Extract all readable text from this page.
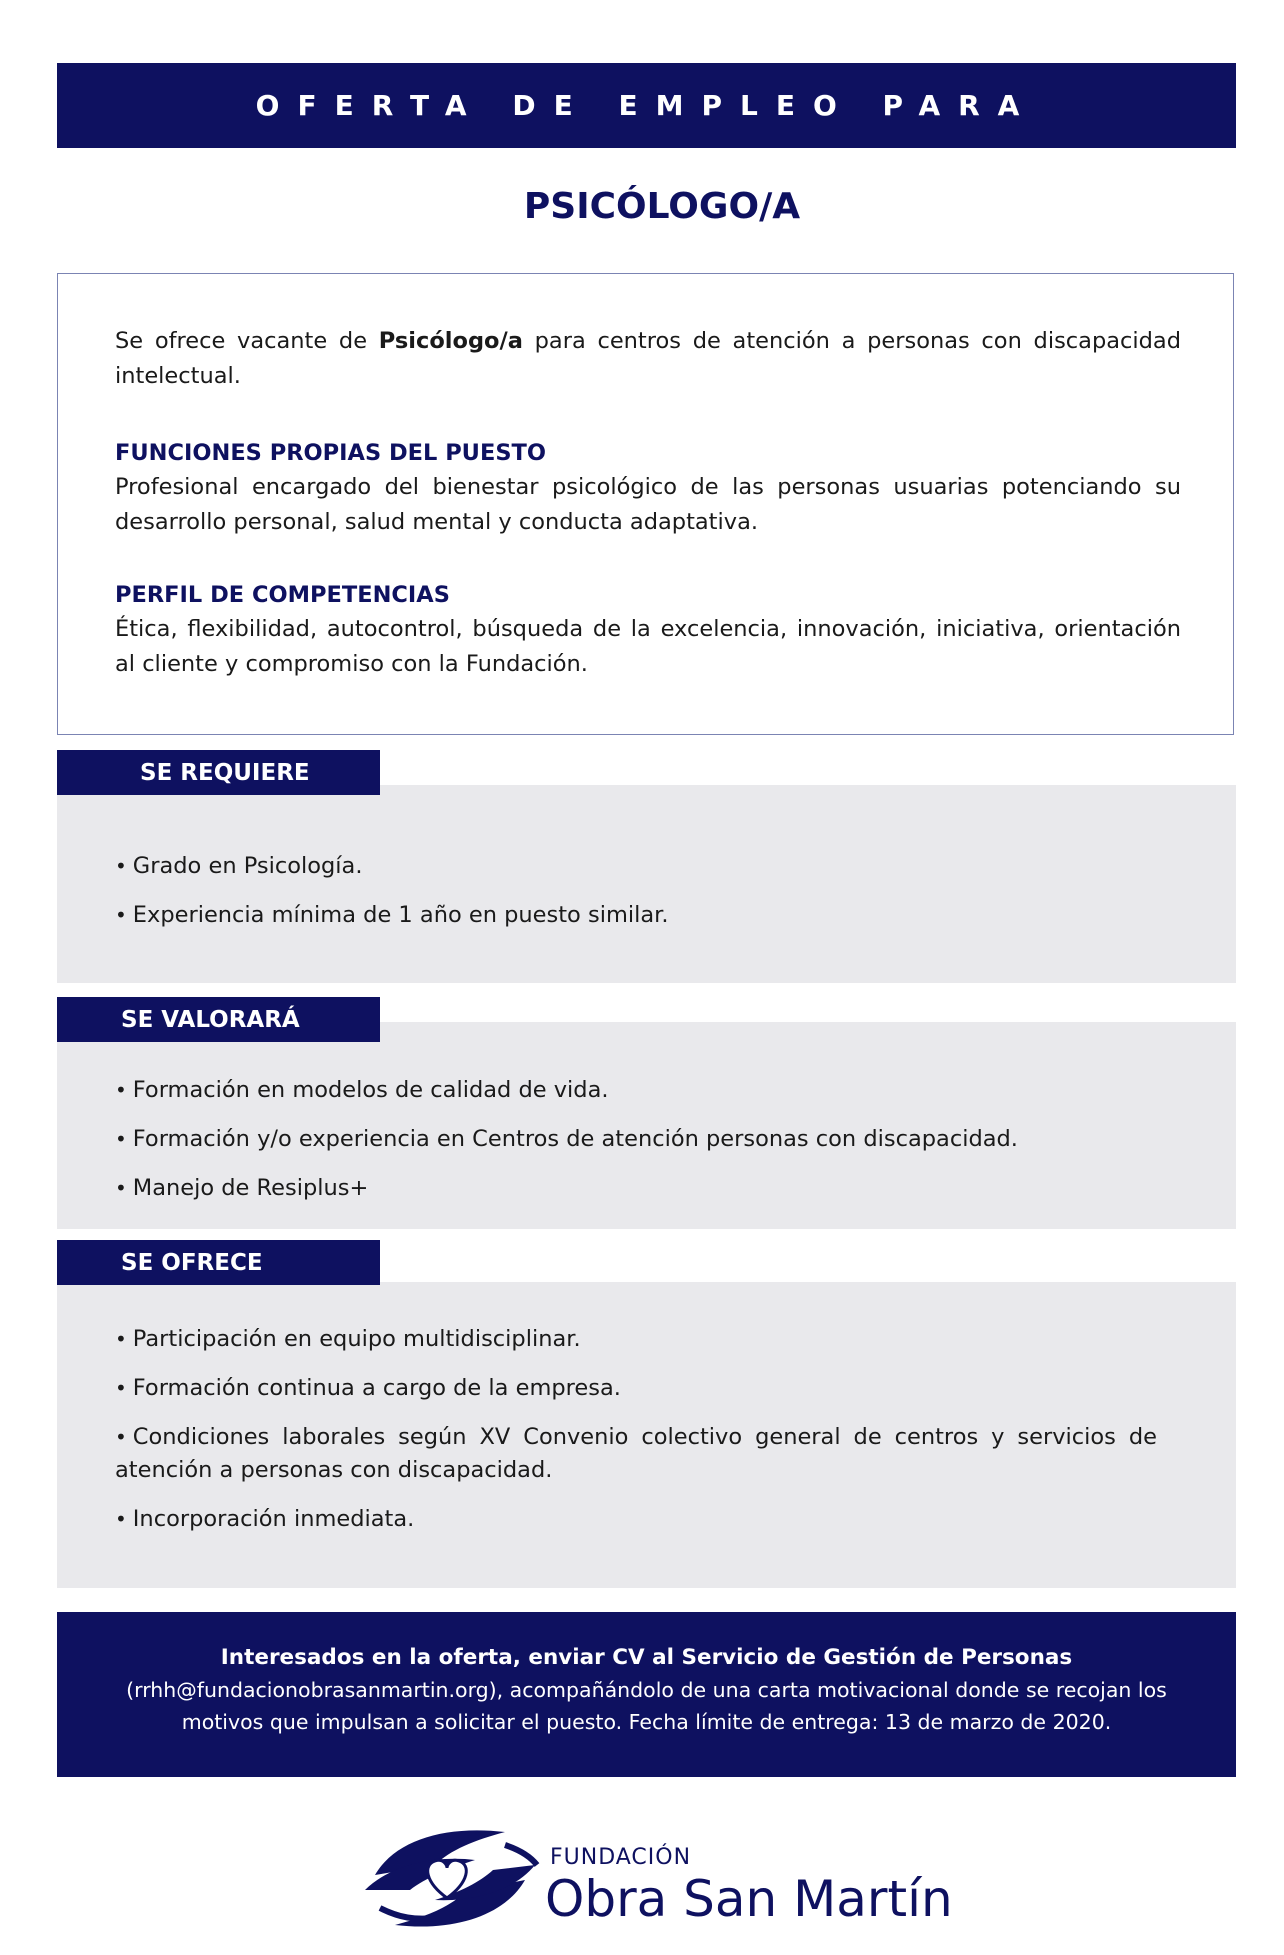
OFERTA DE EMPLEO PARA
PSICÓLOGO/A
Se ofrece vacante de Psicólogo/a para centros de atención a personas con discapacidad intelectual.
FUNCIONES PROPIAS DEL PUESTO
Profesional encargado del bienestar psicológico de las personas usuarias potenciando su desarrollo personal, salud mental y conducta adaptativa.
PERFIL DE COMPETENCIAS
Ética, flexibilidad, autocontrol, búsqueda de la excelencia, innovación, iniciativa, orientación al cliente y compromiso con la Fundación.
SE REQUIERE
• Grado en Psicología.
• Experiencia mínima de 1 año en puesto similar.
SE VALORARÁ
• Formación en modelos de calidad de vida.
• Formación y/o experiencia en Centros de atención personas con discapacidad.
• Manejo de Resiplus+
SE OFRECE
• Participación en equipo multidisciplinar.
• Formación continua a cargo de la empresa.
• Condiciones laborales según XV Convenio colectivo general de centros y servicios de atención a personas con discapacidad.
• Incorporación inmediata.
Interesados en la oferta, enviar CV al Servicio de Gestión de Personas
(rrhh@fundacionobrasanmartin.org), acompañándolo de una carta motivacional donde se recojan los motivos que impulsan a solicitar el puesto. Fecha límite de entrega: 13 de marzo de 2020.
FUNDACIÓN
Obra San Martín
